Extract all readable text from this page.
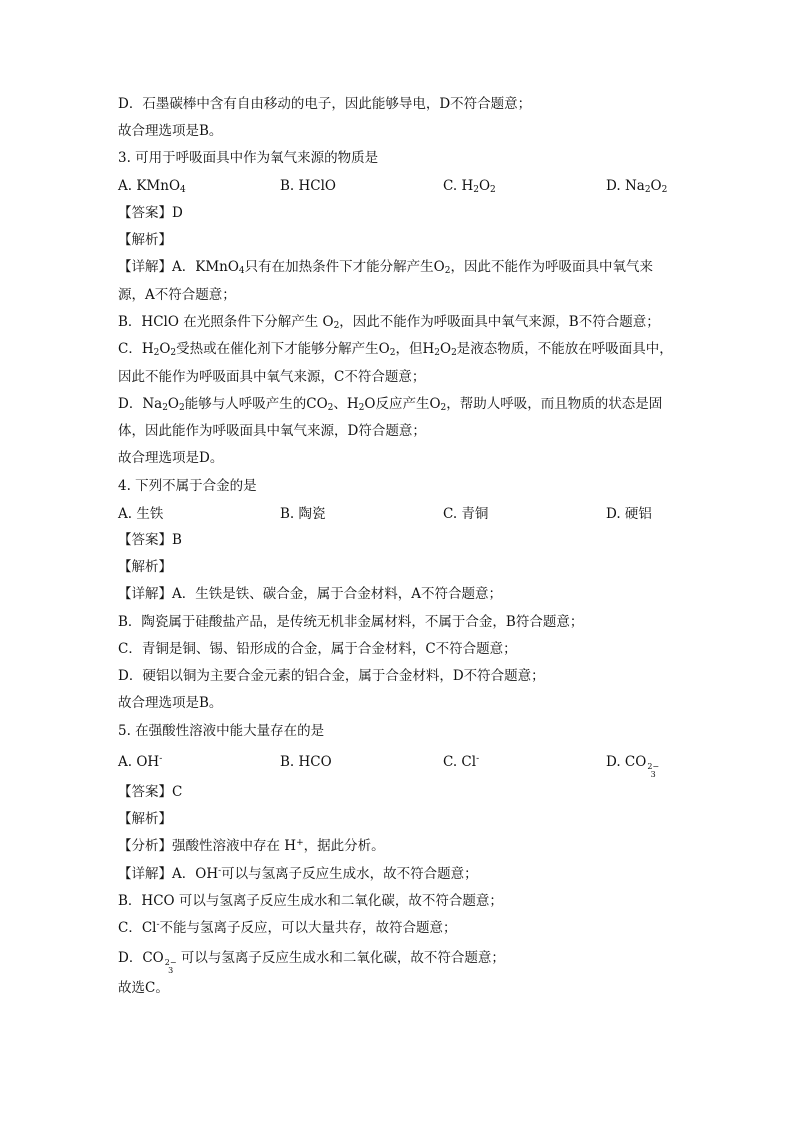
D．石墨碳棒中含有自由移动的电子，因此能够导电，D不符合题意；
故合理选项是B。
3. 可用于呼吸面具中作为氧气来源的物质是
A. KMnO$_4$	B. HClO	C. $H_2O_2$	D. $Na_2O_2$
【答案】D
【解析】
【详解】A．KMnO$_4$只有在加热条件下才能分解产生$O_2$，因此不能作为呼吸面具中氧气来
源，A不符合题意；
B．HClO 在光照条件下分解产生 $O_2$，因此不能作为呼吸面具中氧气来源，B不符合题意；
C．$H_2O_2$受热或在催化剂下才能够分解产生$O_2$，但$H_2O_2$是液态物质，不能放在呼吸面具中，
因此不能作为呼吸面具中氧气来源，C不符合题意；
D．$Na_2O_2$能够与人呼吸产生的$CO_2$、$H_2O$反应产生$O_2$，帮助人呼吸，而且物质的状态是固
体，因此能作为呼吸面具中氧气来源，D符合题意；
故合理选项是D。
4. 下列不属于合金的是
A. 生铁	B. 陶瓷	C. 青铜	D. 硬铝
【答案】B
【解析】
【详解】A．生铁是铁、碳合金，属于合金材料，A不符合题意；
B．陶瓷属于硅酸盐产品，是传统无机非金属材料，不属于合金，B符合题意；
C．青铜是铜、锡、铅形成的合金，属于合金材料，C不符合题意；
D．硬铝以铜为主要合金元素的铝合金，属于合金材料，D不符合题意；
故合理选项是B。
5. 在强酸性溶液中能大量存在的是
A. OH-	B. HCO	C. Cl-	D. CO 2−
3
【答案】C
【解析】
【分析】强酸性溶液中存在 H+，据此分析。
【详解】A．OH-可以与氢离子反应生成水，故不符合题意；
B．HCO 可以与氢离子反应生成水和二氧化碳，故不符合题意；
C．Cl-不能与氢离子反应，可以大量共存，故符合题意；
D．CO 2−
3
可以与氢离子反应生成水和二氧化碳，故不符合题意；
故选C。
